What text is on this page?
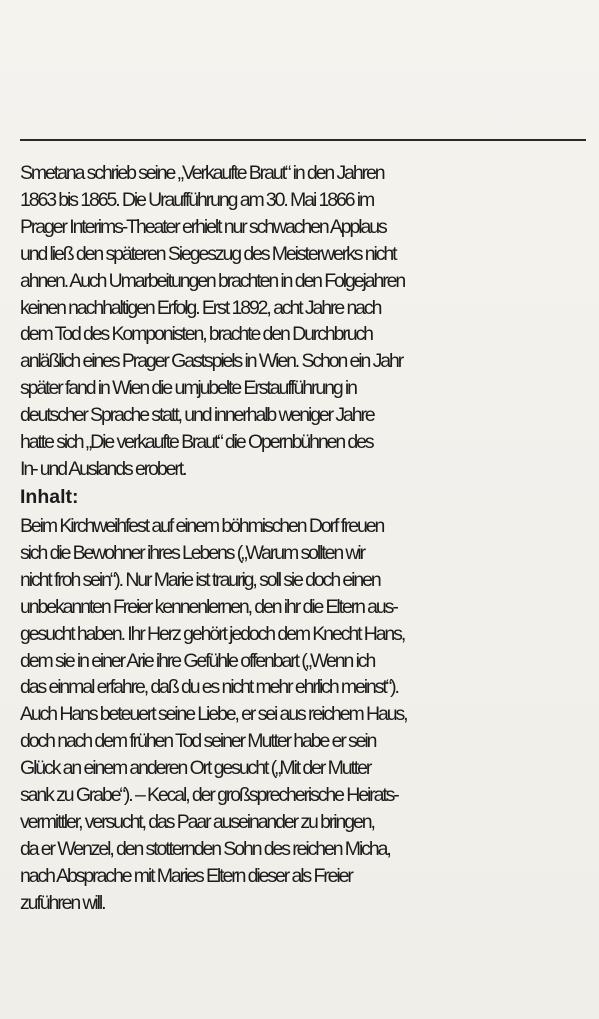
Smetana schrieb seine „Verkaufte Braut“ in den Jahren
1863 bis 1865. Die Uraufführung am 30. Mai 1866 im
Prager Interims-Theater erhielt nur schwachen Applaus
und ließ den späteren Siegeszug des Meisterwerks nicht
ahnen. Auch Umarbeitungen brachten in den Folgejahren
keinen nachhaltigen Erfolg. Erst 1892, acht Jahre nach
dem Tod des Komponisten, brachte den Durchbruch
anläßlich eines Prager Gastspiels in Wien. Schon ein Jahr
später fand in Wien die umjubelte Erstaufführung in
deutscher Sprache statt, und innerhalb weniger Jahre
hatte sich „Die verkaufte Braut“ die Opernbühnen des
In- und Auslands erobert.
Inhalt:
Beim Kirchweihfest auf einem böhmischen Dorf freuen
sich die Bewohner ihres Lebens („Warum sollten wir
nicht froh sein“). Nur Marie ist traurig, soll sie doch einen
unbekannten Freier kennenlernen, den ihr die Eltern aus-
gesucht haben. Ihr Herz gehört jedoch dem Knecht Hans,
dem sie in einer Arie ihre Gefühle offenbart („Wenn ich
das einmal erfahre, daß du es nicht mehr ehrlich meinst“).
Auch Hans beteuert seine Liebe, er sei aus reichem Haus,
doch nach dem frühen Tod seiner Mutter habe er sein
Glück an einem anderen Ort gesucht („Mit der Mutter
sank zu Grabe“). – Kecal, der großsprecherische Heirats-
vermittler, versucht, das Paar auseinander zu bringen,
da er Wenzel, den stotternden Sohn des reichen Micha,
nach Absprache mit Maries Eltern dieser als Freier
zuführen will.
